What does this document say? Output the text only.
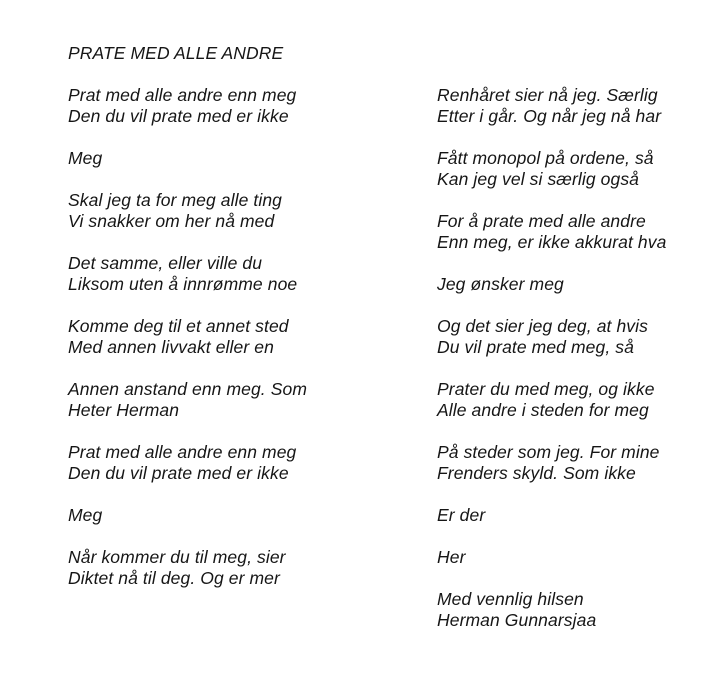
PRATE MED ALLE ANDRE
Prat med alle andre enn meg
Den du vil prate med er ikke
Meg
Skal jeg ta for meg alle ting
Vi snakker om her nå med
Det samme, eller ville du
Liksom uten å innrømme noe
Komme deg til et annet sted
Med annen livvakt eller en
Annen anstand enn meg. Som
Heter Herman
Prat med alle andre enn meg
Den du vil prate med er ikke
Meg
Når kommer du til meg, sier
Diktet nå til deg. Og er mer
Renhåret sier nå jeg. Særlig
Etter i går. Og når jeg nå har
Fått monopol på ordene, så
Kan jeg vel si særlig også
For å prate med alle andre
Enn meg, er ikke akkurat hva
Jeg ønsker meg
Og det sier jeg deg, at hvis
Du vil prate med meg, så
Prater du med meg, og ikke
Alle andre i steden for meg
På steder som jeg. For mine
Frenders skyld. Som ikke
Er der
Her
Med vennlig hilsen
Herman Gunnarsjaa
